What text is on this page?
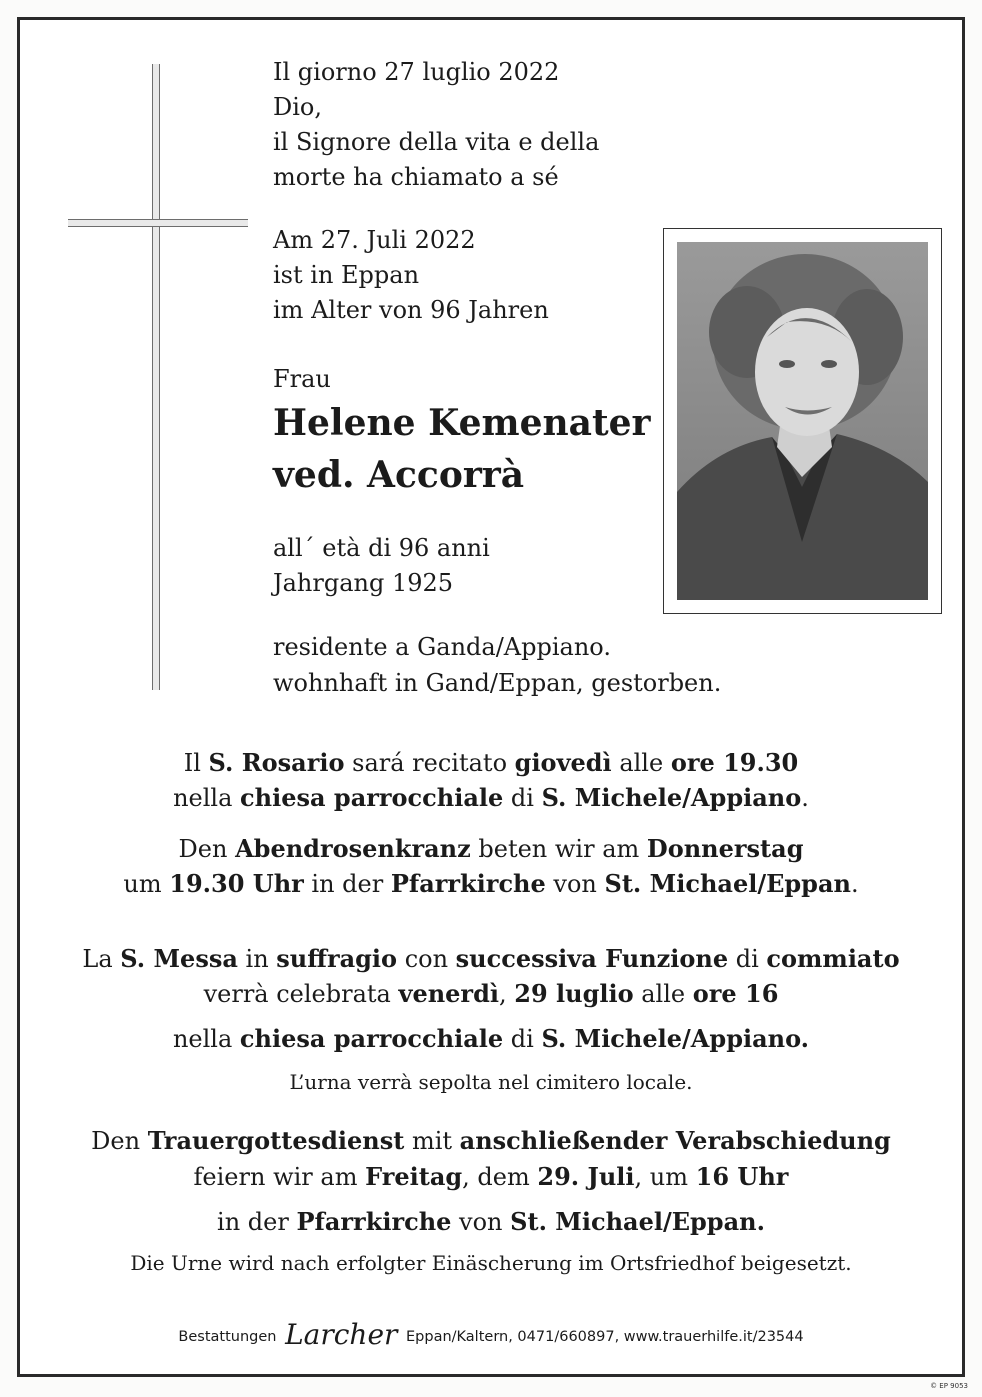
Il giorno 27 luglio 2022
Dio,
il Signore della vita e della
morte ha chiamato a sé
Am 27. Juli 2022
ist in Eppan
im Alter von 96 Jahren
Frau
Helene Kemenater
ved. Accorrà
all´ età di 96 anni
Jahrgang 1925
residente a Ganda/Appiano.
wohnhaft in Gand/Eppan, gestorben.
Il S. Rosario sará recitato giovedì alle ore 19.30
nella chiesa parrocchiale di S. Michele/Appiano.
Den Abendrosenkranz beten wir am Donnerstag
um 19.30 Uhr in der Pfarrkirche von St. Michael/Eppan.
La S. Messa in suffragio con successiva Funzione di commiato
verrà celebrata venerdì, 29 luglio alle ore 16
nella chiesa parrocchiale di S. Michele/Appiano.
L’urna verrà sepolta nel cimitero locale.
Den Trauergottesdienst mit anschließender Verabschiedung
feiern wir am Freitag, dem 29. Juli, um 16 Uhr
in der Pfarrkirche von St. Michael/Eppan.
Die Urne wird nach erfolgter Einäscherung im Ortsfriedhof beigesetzt.
Bestattungen Larcher Eppan/Kaltern, 0471/660897, www.trauerhilfe.it/23544
© EP 9053
